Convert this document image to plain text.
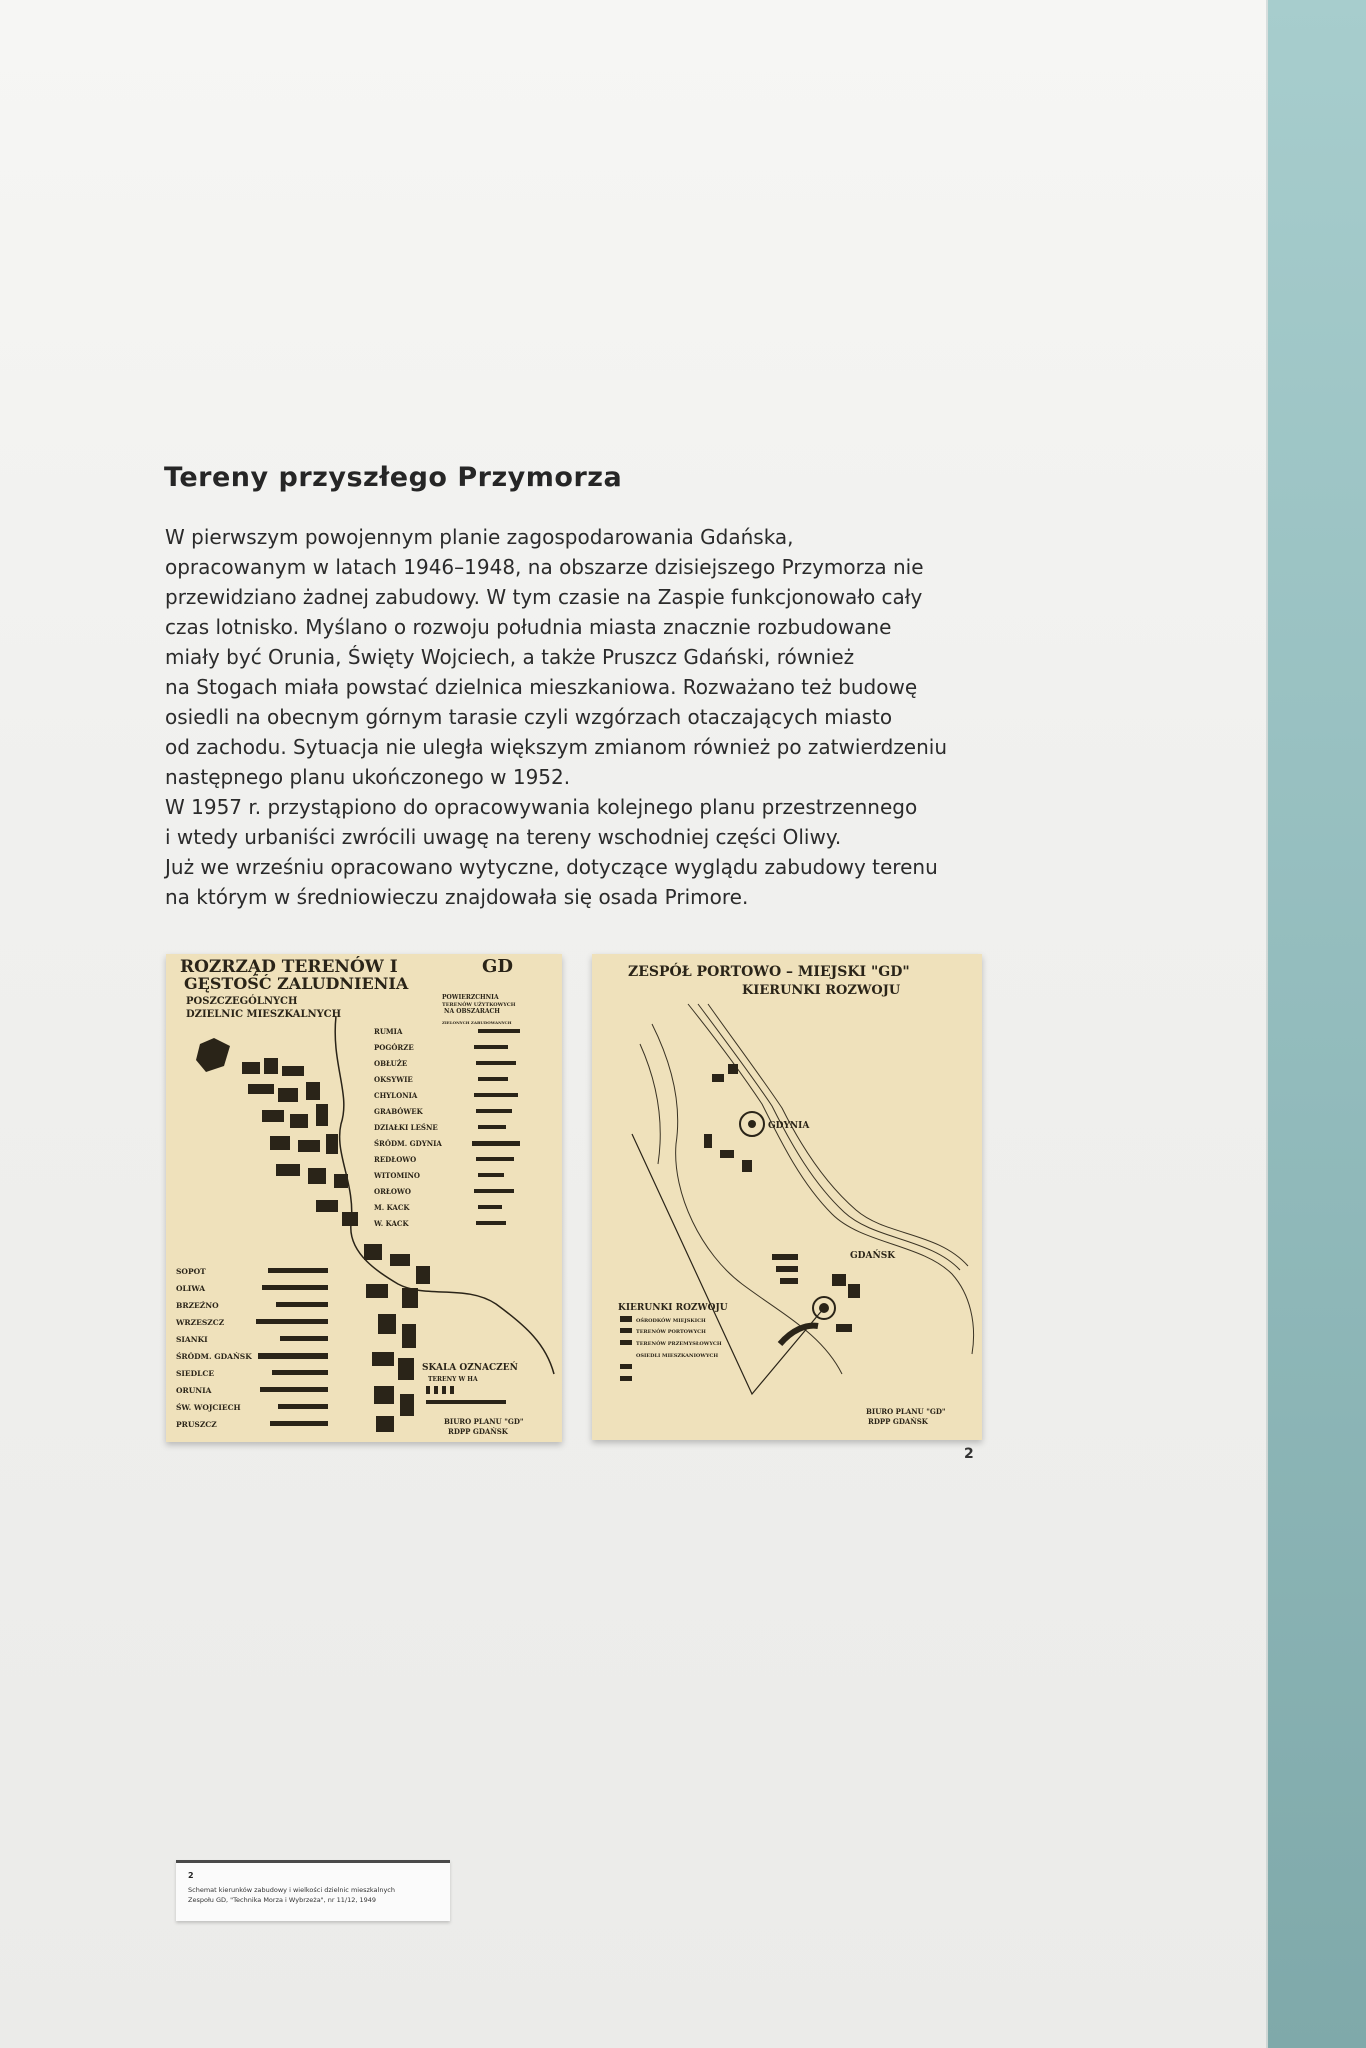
Tereny przyszłego Przymorza

W pierwszym powojennym planie zagospodarowania Gdańska,

opracowanym w latach 1946–1948, na obszarze dzisiejszego Przymorza nie

przewidziano żadnej zabudowy. W tym czasie na Zaspie funkcjonowało cały

czas lotnisko. Myślano o rozwoju południa miasta znacznie rozbudowane

miały być Orunia, Święty Wojciech, a także Pruszcz Gdański, również

na Stogach miała powstać dzielnica mieszkaniowa. Rozważano też budowę

osiedli na obecnym górnym tarasie czyli wzgórzach otaczających miasto

od zachodu. Sytuacja nie uległa większym zmianom również po zatwierdzeniu

następnego planu ukończonego w 1952.

W 1957 r. przystąpiono do opracowywania kolejnego planu przestrzennego

i wtedy urbaniści zwrócili uwagę na tereny wschodniej części Oliwy.

Już we wrześniu opracowano wytyczne, dotyczące wyglądu zabudowy terenu

na którym w średniowieczu znajdowała się osada Primore.

ROZRZĄD TERENÓW I	GD
GĘSTOŚĆ ZALUDNIENIA
POSZCZEGÓLNYCH
DZIELNIC MIESZKALNYCH
POWIERZCHNIA
TERENÓW UŻYTKOWYCH
NA OBSZARACH
ZIELONYCH ZABUDOWANYCH
RUMIA
POGÓRZE
OBŁUŻE
OKSYWIE
CHYLONIA
GRABÓWEK
DZIAŁKI LEŚNE
ŚRÓDM. GDYNIA
REDŁOWO
WITOMINO
ORŁOWO
M. KACK
W. KACK
SOPOT
OLIWA
BRZEŹNO
WRZESZCZ
SIANKI
ŚRÓDM. GDAŃSK
SIEDLCE
ORUNIA
ŚW. WOJCIECH
PRUSZCZ
SKALA OZNACZEŃ
TERENY W HA
BIURO PLANU "GD"
RDPP GDAŃSK
ZESPÓŁ PORTOWO – MIEJSKI "GD"
KIERUNKI ROZWOJU
GDYNIA
GDAŃSK
KIERUNKI ROZWOJU
OŚRODKÓW MIEJSKICH
TERENÓW PORTOWYCH
TERENÓW PRZEMYSŁOWYCH
OSIEDLI MIESZKANIOWYCH
BIURO PLANU "GD"
RDPP GDAŃSK
2
2

Schemat kierunków zabudowy i wielkości dzielnic mieszkalnych

Zespołu GD, "Technika Morza i Wybrzeża", nr 11/12, 1949
